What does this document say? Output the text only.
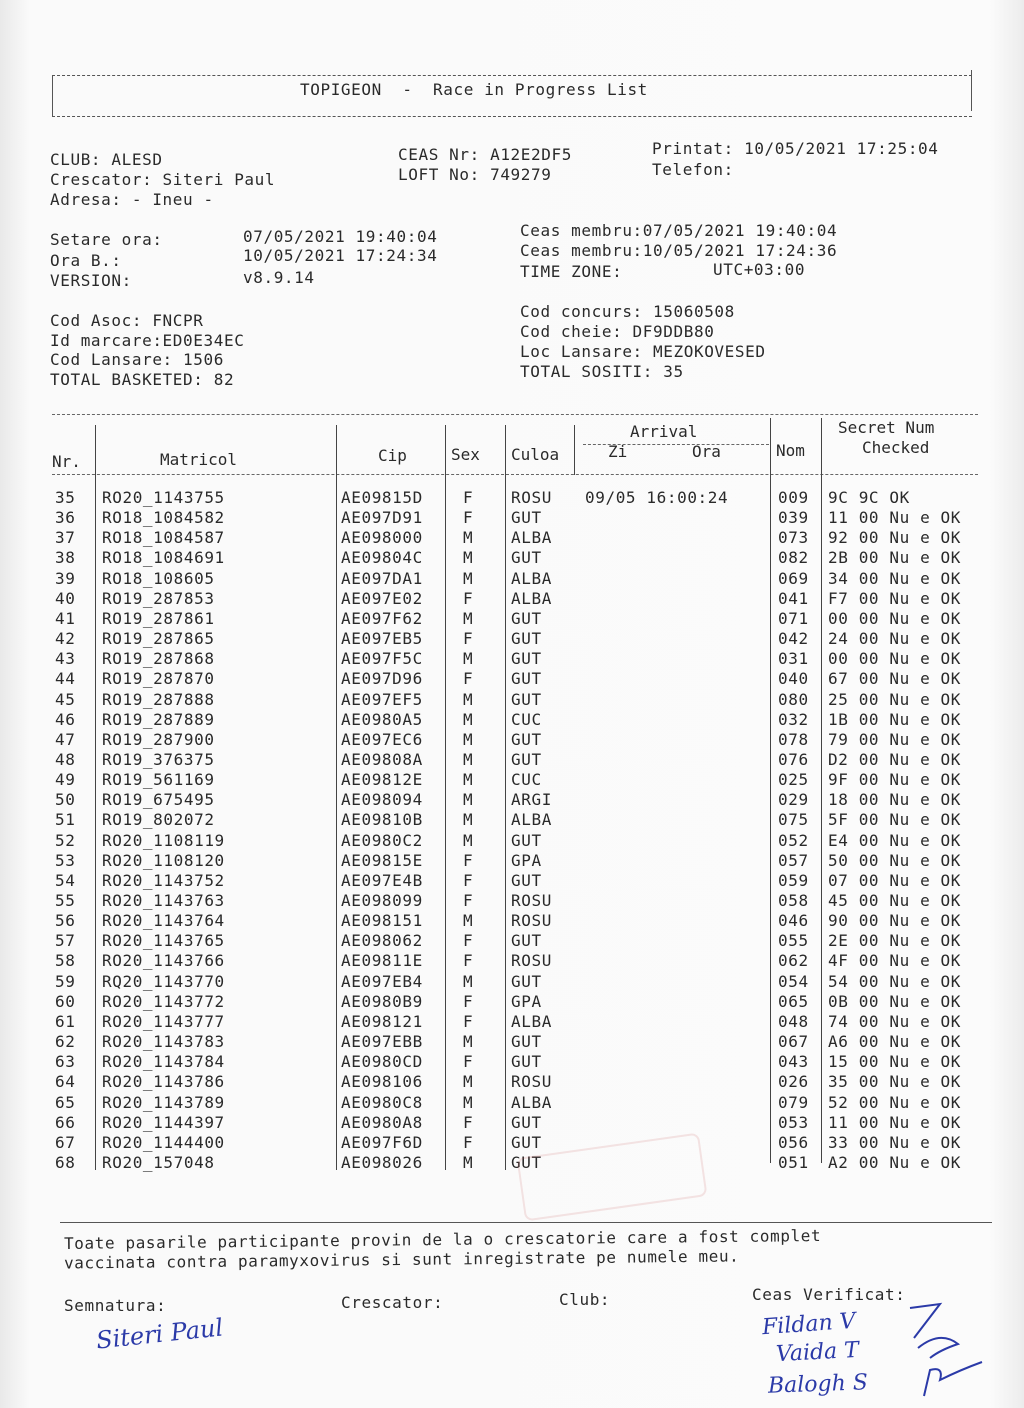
TOPIGEON  -  Race in Progress List
CLUB: ALESD
Crescator: Siteri Paul
Adresa: - Ineu -
CEAS Nr: A12E2DF5
LOFT No: 749279
Printat: 10/05/2021 17:25:04
Telefon:
Setare ora:	07/05/2021 19:40:04
Ora B.:	10/05/2021 17:24:34
VERSION:	v8.9.14
Ceas membru:07/05/2021 19:40:04
Ceas membru:10/05/2021 17:24:36
TIME ZONE:	UTC+03:00
Cod Asoc: FNCPR
Id marcare:ED0E34EC
Cod Lansare: 1506
TOTAL BASKETED: 82
Cod concurs: 15060508
Cod cheie: DF9DDB80
Loc Lansare: MEZOKOVESED
TOTAL SOSITI: 35
Nr.	Matricol	Cip	Sex Culoa
Arrival
Zi	Ora	Nom
Secret Num
Checked
35 RO20_1143755	AE09815D	F ROSU 09/05 16:00:24	009 9C 9C OK
36 RO18_1084582	AE097D91	F GUT	039 11 00 Nu e OK
37 RO18_1084587	AE098000	M ALBA	073 92 00 Nu e OK
38 RO18_1084691	AE09804C	M GUT	082 2B 00 Nu e OK
39 RO18_108605	AE097DA1	M ALBA	069 34 00 Nu e OK
40 RO19_287853	AE097E02	F ALBA	041 F7 00 Nu e OK
41 RO19_287861	AE097F62	M GUT	071 00 00 Nu e OK
42 RO19_287865	AE097EB5	F GUT	042 24 00 Nu e OK
43 RO19_287868	AE097F5C	M GUT	031 00 00 Nu e OK
44 RO19_287870	AE097D96	F GUT	040 67 00 Nu e OK
45 RO19_287888	AE097EF5	M GUT	080 25 00 Nu e OK
46 RO19_287889	AE0980A5	M CUC	032 1B 00 Nu e OK
47 RO19_287900	AE097EC6	M GUT	078 79 00 Nu e OK
48 RO19_376375	AE09808A	M GUT	076 D2 00 Nu e OK
49 RO19_561169	AE09812E	M CUC	025 9F 00 Nu e OK
50 RO19_675495	AE098094	M ARGI	029 18 00 Nu e OK
51 RO19_802072	AE09810B	M ALBA	075 5F 00 Nu e OK
52 RO20_1108119	AE0980C2	M GUT	052 E4 00 Nu e OK
53 RO20_1108120	AE09815E	F GPA	057 50 00 Nu e OK
54 RO20_1143752	AE097E4B	F GUT	059 07 00 Nu e OK
55 RO20_1143763	AE098099	F ROSU	058 45 00 Nu e OK
56 RO20_1143764	AE098151	M ROSU	046 90 00 Nu e OK
57 RO20_1143765	AE098062	F GUT	055 2E 00 Nu e OK
58 RO20_1143766	AE09811E	F ROSU	062 4F 00 Nu e OK
59 RQ20_1143770	AE097EB4	M GUT	054 54 00 Nu e OK
60 RO20_1143772	AE0980B9	F GPA	065 0B 00 Nu e OK
61 RO20_1143777	AE098121	F ALBA	048 74 00 Nu e OK
62 RO20_1143783	AE097EBB	M GUT	067 A6 00 Nu e OK
63 RO20_1143784	AE0980CD	F GUT	043 15 00 Nu e OK
64 RO20_1143786	AE098106	M ROSU	026 35 00 Nu e OK
65 RO20_1143789	AE0980C8	M ALBA	079 52 00 Nu e OK
66 RO20_1144397	AE0980A8	F GUT	053 11 00 Nu e OK
67 RO20_1144400	AE097F6D	F GUT	056 33 00 Nu e OK
68 RO20_157048	AE098026	M GUT	051 A2 00 Nu e OK
Toate pasarile participante provin de la o crescatorie care a fost complet
vaccinata contra paramyxovirus si sunt inregistrate pe numele meu.
Semnatura:	Crescator:	Club:	Ceas Verificat:
Siteri Paul	Fildan V
Vaida T
Balogh S
